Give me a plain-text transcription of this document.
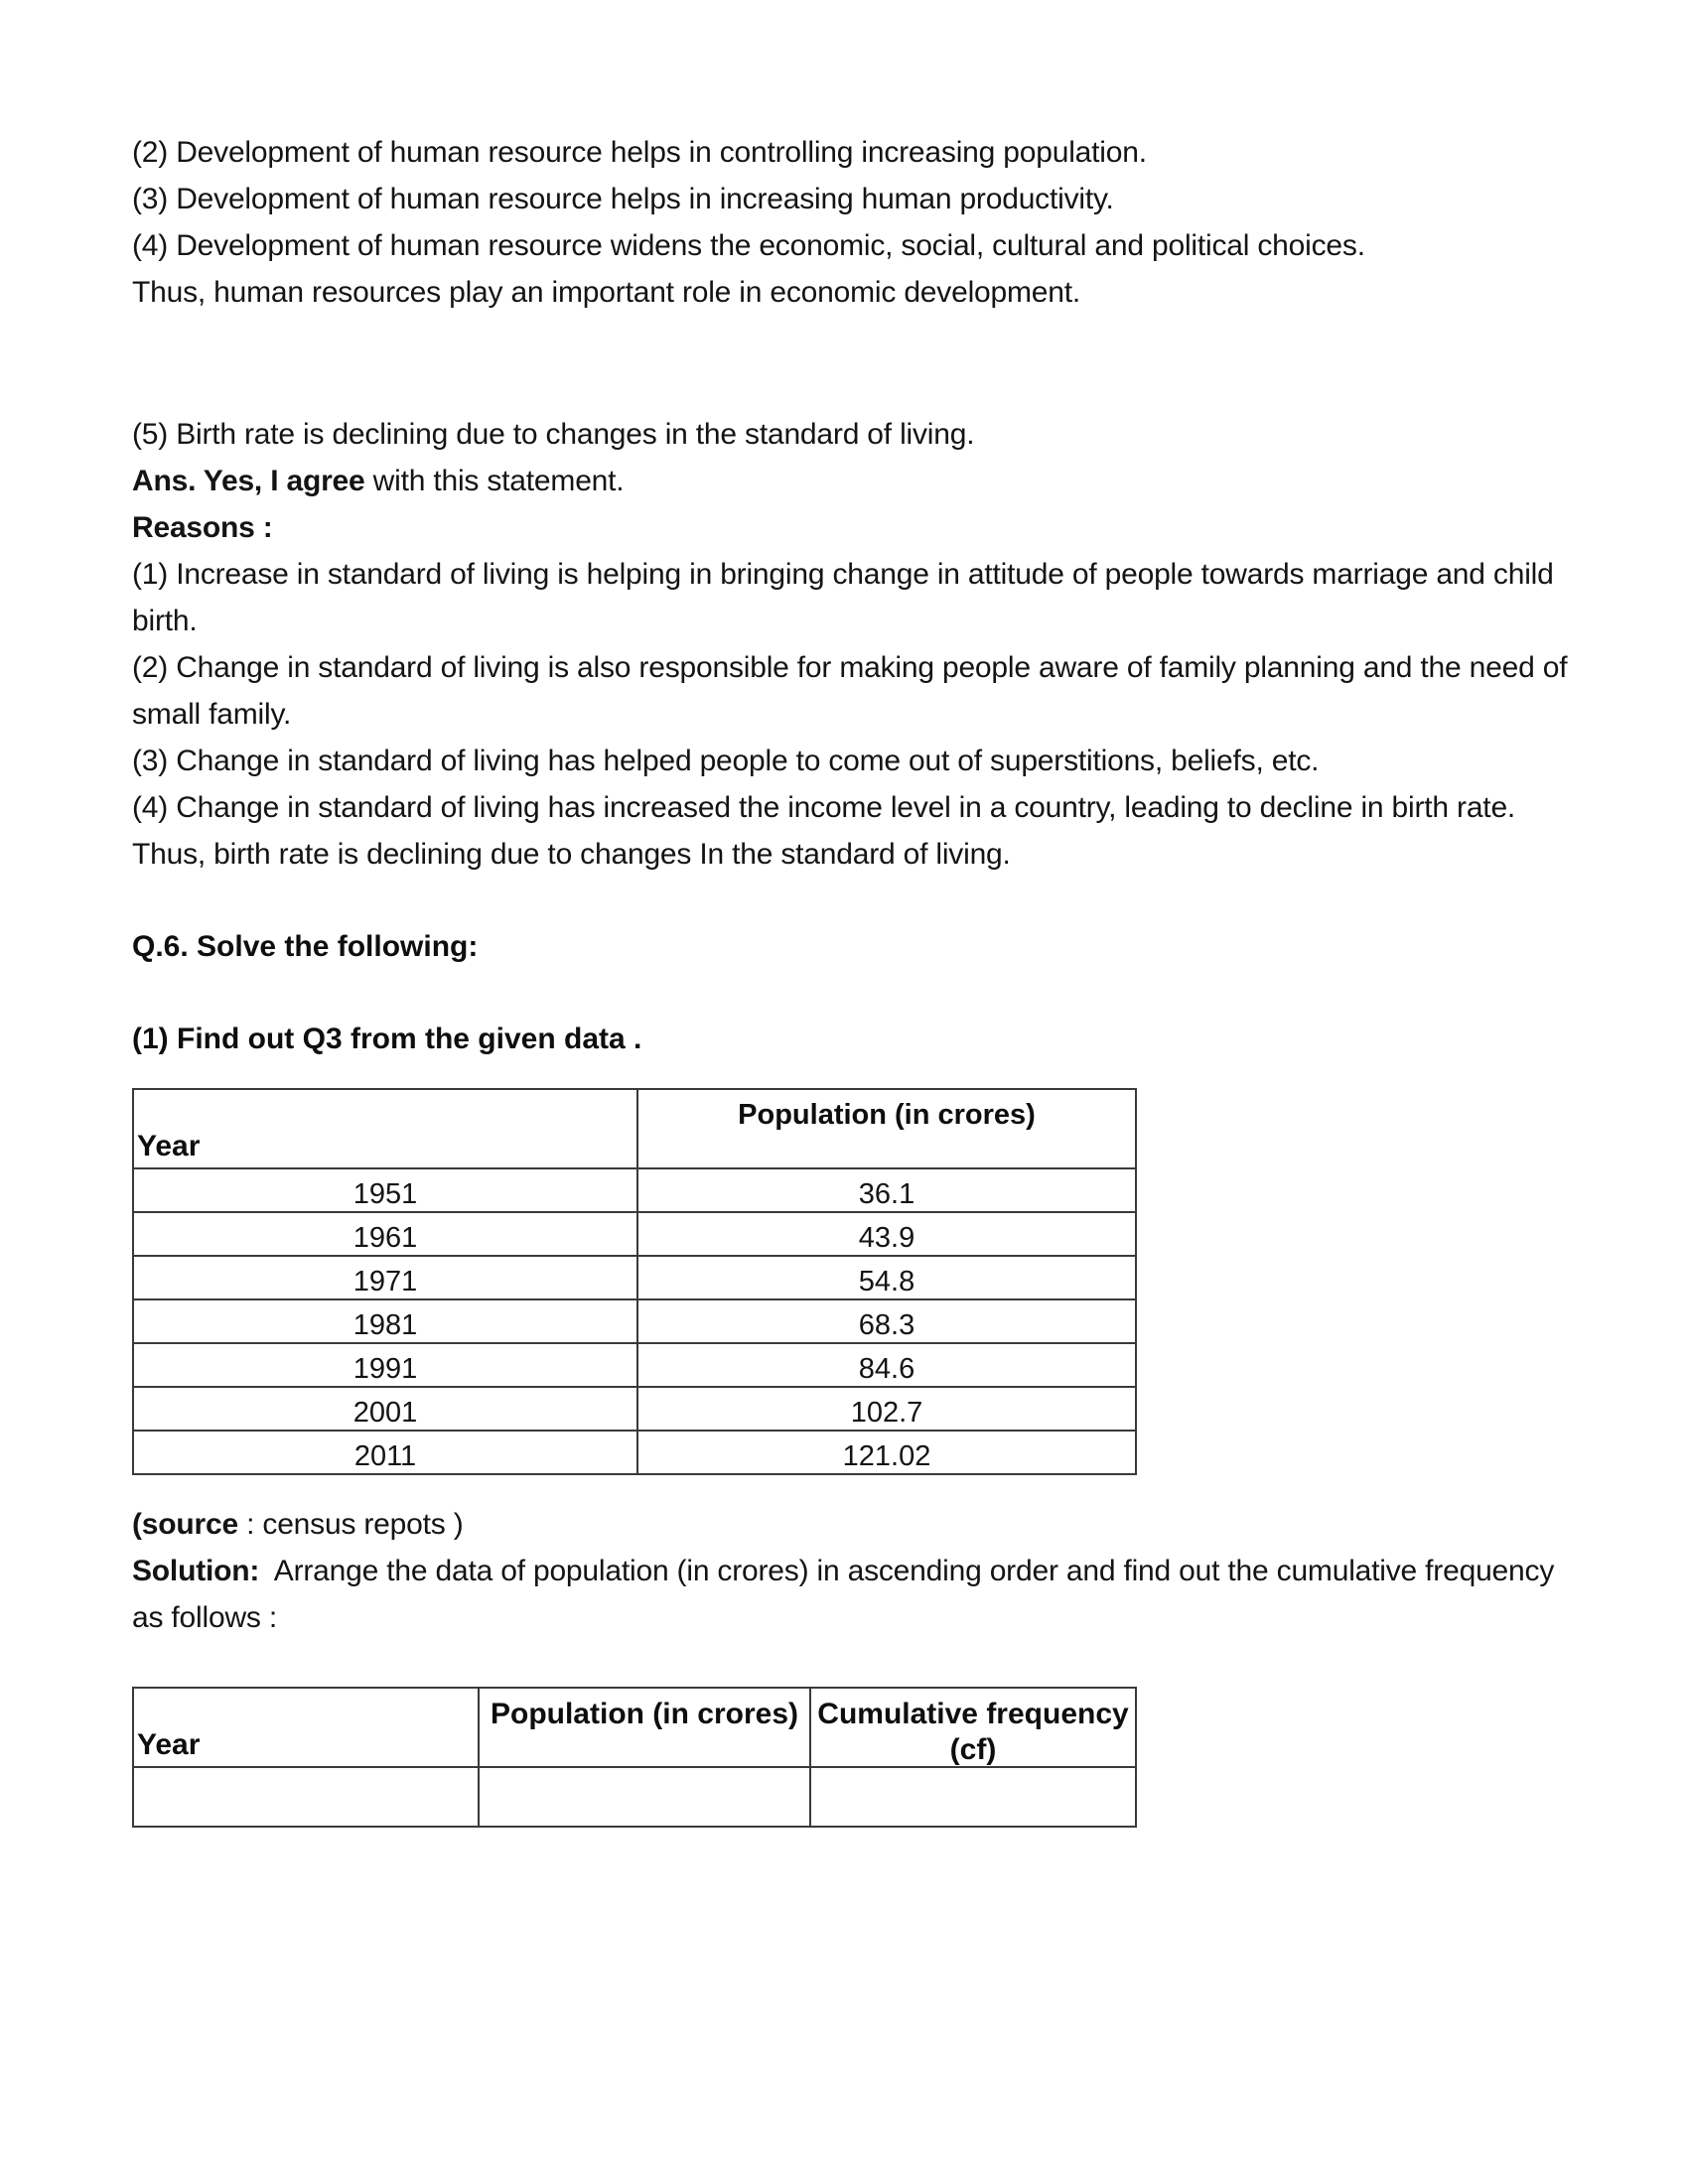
(2) Development of human resource helps in controlling increasing population.

(3) Development of human resource helps in increasing human productivity.

(4) Development of human resource widens the economic, social, cultural and political choices.

Thus, human resources play an important role in economic development.

(5) Birth rate is declining due to changes in the standard of living.

Ans. Yes, I agree with this statement.

Reasons :

(1) Increase in standard of living is helping in bringing change in attitude of people towards marriage and child birth.

(2) Change in standard of living is also responsible for making people aware of family planning and the need of small family.

(3) Change in standard of living has helped people to come out of superstitions, beliefs, etc.

(4) Change in standard of living has increased the income level in a country, leading to decline in birth rate. Thus, birth rate is declining due to changes In the standard of living.

Q.6. Solve the following:

(1) Find out Q3 from the given data .

Year	Population (in crores)

1951	36.1
1961	43.9
1971	54.8
1981	68.3
1991	84.6
2001	102.7
2011	121.02

(source : census repots )

Solution:  Arrange the data of population (in crores) in ascending order and find out the cumulative frequency as follows :

Year	Population (in crores)	Cumulative frequency (cf)
